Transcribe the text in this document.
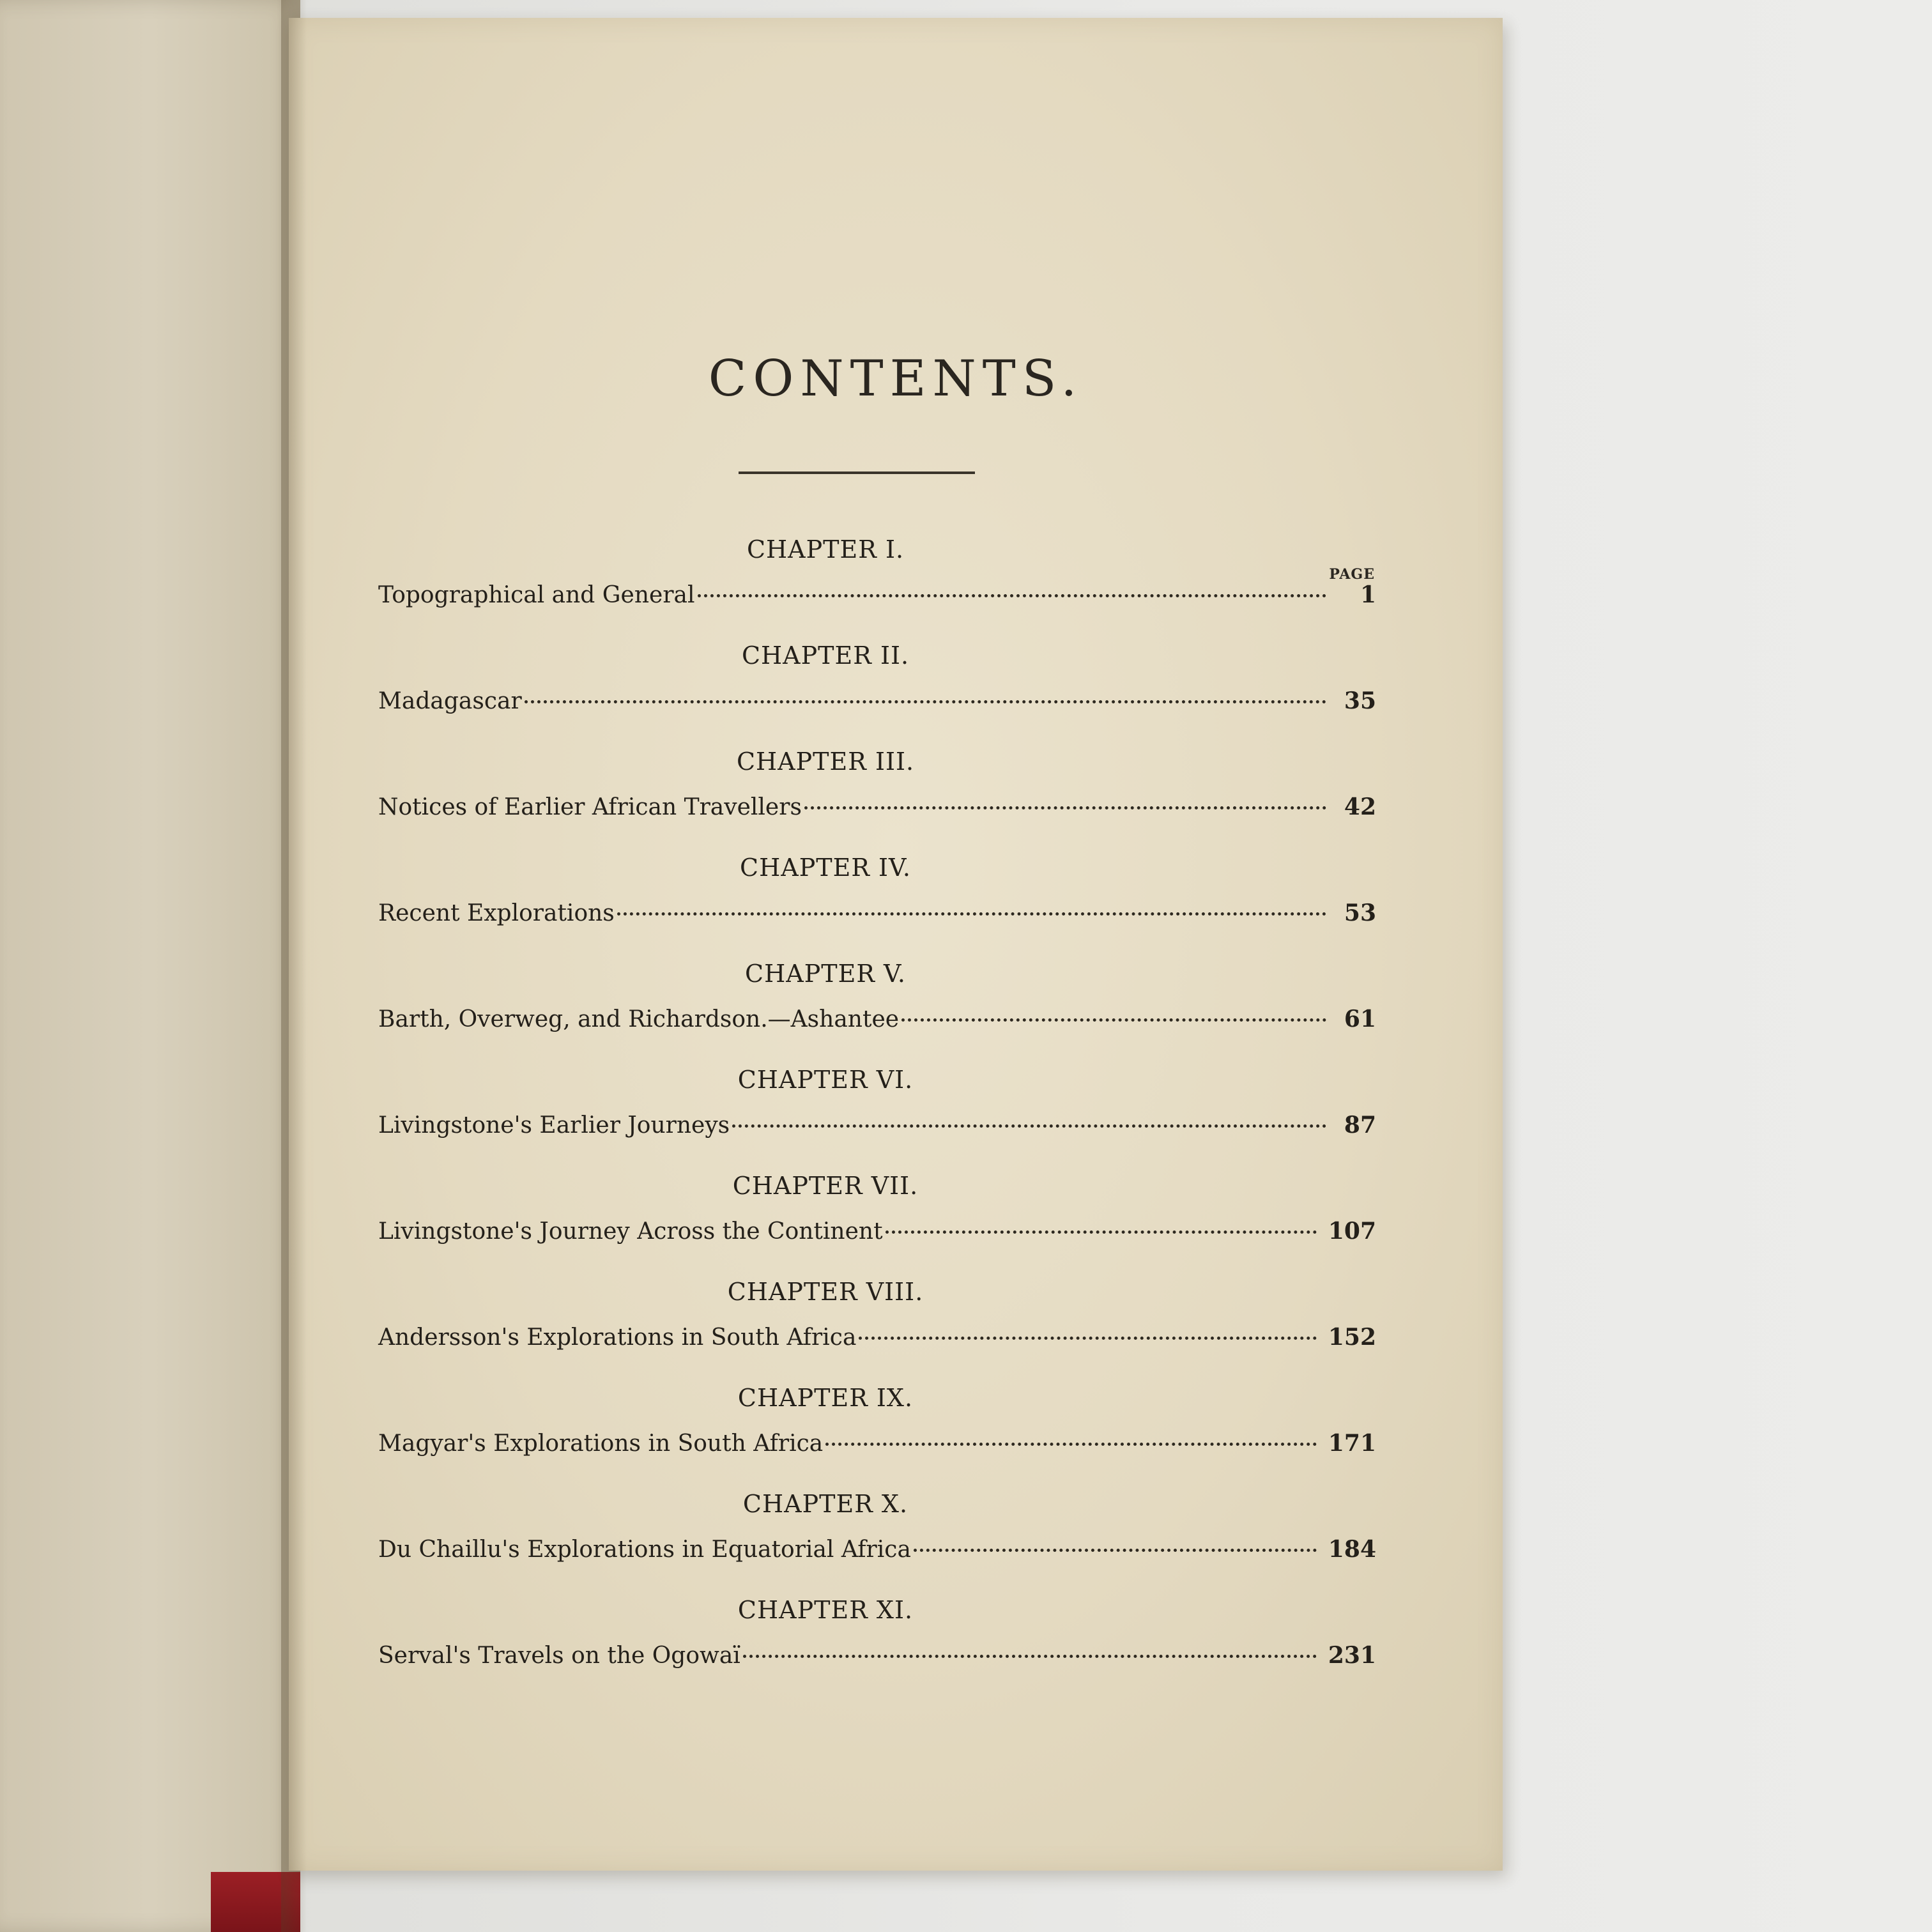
CONTENTS.
PAGE
CHAPTER I.
Topographical and General	1
CHAPTER II.
Madagascar	35
CHAPTER III.
Notices of Earlier African Travellers	42
CHAPTER IV.
Recent Explorations	53
CHAPTER V.
Barth, Overweg, and Richardson.—Ashantee	61
CHAPTER VI.
Livingstone's Earlier Journeys	87
CHAPTER VII.
Livingstone's Journey Across the Continent	107
CHAPTER VIII.
Andersson's Explorations in South Africa	152
CHAPTER IX.
Magyar's Explorations in South Africa	171
CHAPTER X.
Du Chaillu's Explorations in Equatorial Africa	184
CHAPTER XI.
Serval's Travels on the Ogowaï	231
